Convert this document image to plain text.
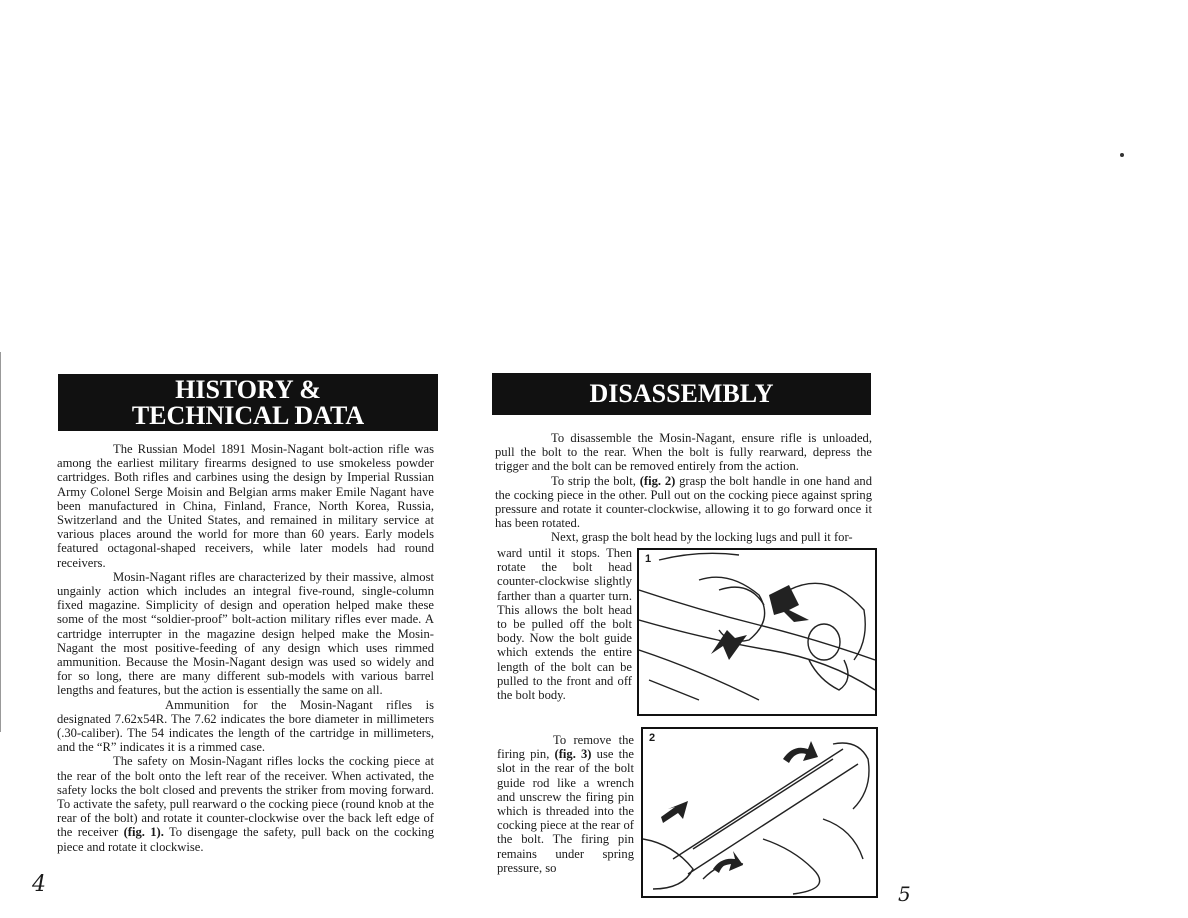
HISTORY &
TECHNICAL DATA

The Russian Model 1891 Mosin-Nagant bolt-action rifle was among the earliest military firearms designed to use smokeless powder cartridges. Both rifles and carbines using the design by Imperial Russian Army Colonel Serge Moisin and Belgian arms maker Emile Nagant have been manufactured in China, Finland, France, North Korea, Russia, Switzerland and the United States, and remained in military service at various places around the world for more than 60 years. Early models featured octagonal-shaped receivers, while later models had round receivers.

Mosin-Nagant rifles are characterized by their massive, almost ungainly action which includes an integral five-round, single-column fixed magazine. Simplicity of design and operation helped make these some of the most “soldier-proof” bolt-action military rifles ever made. A cartridge interrupter in the magazine design helped make the Mosin-Nagant the most positive-feeding of any design which uses rimmed ammunition. Because the Mosin-Nagant design was used so widely and for so long, there are many different sub-models with various barrel lengths and features, but the action is essentially the same on all.

Ammunition for the Mosin-Nagant rifles is designated 7.62x54R. The 7.62 indicates the bore diameter in millimeters (.30-caliber). The 54 indicates the length of the cartridge in millimeters, and the “R” indicates it is a rimmed case.

The safety on Mosin-Nagant rifles locks the cocking piece at the rear of the bolt onto the left rear of the receiver. When activated, the safety locks the bolt closed and prevents the striker from moving forward. To activate the safety, pull rearward o the cocking piece (round knob at the rear of the bolt) and rotate it counter-clockwise over the back left edge of the receiver (fig. 1). To disengage the safety, pull back on the cocking piece and rotate it clockwise.

4
DISASSEMBLY

To disassemble the Mosin-Nagant, ensure rifle is unloaded, pull the bolt to the rear. When the bolt is fully rearward, depress the trigger and the bolt can be removed entirely from the action.

To strip the bolt, (fig. 2) grasp the bolt handle in one hand and the cocking piece in the other. Pull out on the cocking piece against spring pressure and rotate it counter-clockwise, allowing it to go forward once it has been rotated.

Next, grasp the bolt head by the locking lugs and pull it for-

ward until it stops. Then rotate the bolt head counter-clockwise slightly farther than a quarter turn. This allows the bolt head to be pulled off the bolt body. Now the bolt guide which extends the entire length of the bolt can be pulled to the front and off the bolt body.

To remove the firing pin, (fig. 3) use the slot in the rear of the bolt guide rod like a wrench and unscrew the firing pin which is threaded into the cocking piece at the rear of the bolt. The firing pin remains under spring pressure, so

1
2
5
